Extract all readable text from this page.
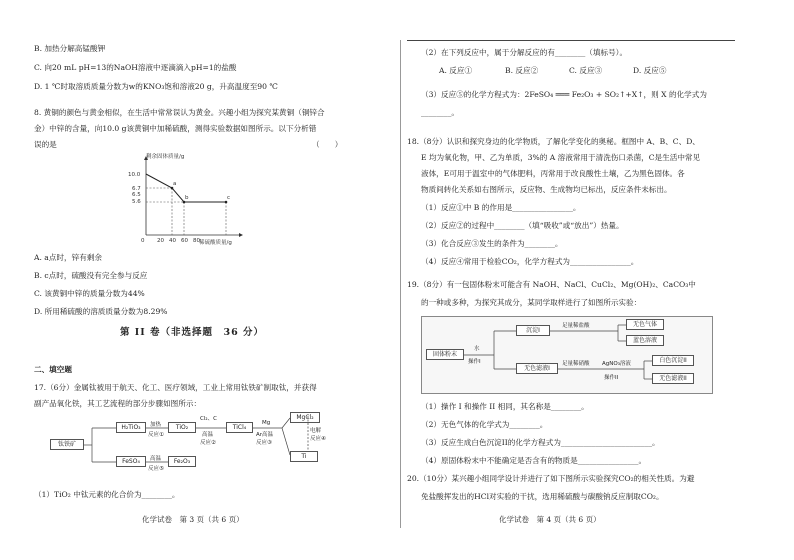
B. 加热分解高锰酸钾
C. 向20 mL pH=13的NaOH溶液中逐滴滴入pH=1的盐酸
D. 1 ℃时取溶质质量分数为w的KNO₃饱和溶液20 g，升高温度至90 ℃
8. 黄铜的颜色与黄金相似，在生活中常常误认为黄金。兴趣小组为探究某黄铜（铜锌合
金）中锌的含量，向10.0 g该黄铜中加稀硫酸，测得实验数据如图所示。以下分析错
误的是	（　　）
剩余固体质量/g
稀硫酸质量/g
10.0
6.7
6.5
5.6
0 20 40 60 80
a
b	c
A. a点时，锌有剩余
B. c点时，硫酸没有完全参与反应
C. 该黄铜中锌的质量分数为44%
D. 所用稀硫酸的溶质质量分数为8.29%
第 II 卷（非选择题　36 分）
二、填空题
17.（6分）金属钛被用于航天、化工、医疗领域，工业上常用钛铁矿制取钛，并获得
副产品氧化铁，其工艺流程的部分步骤如图所示：
钛铁矿
H₂TiO₃	TiO₂	TiCl₄
MgCl₂
Ti
FeSO₄	Fe₂O₃
加热
反应①
Cl₂、C
高温
反应②
Mg
Ar高温
反应③
电解
反应④
高温
反应⑤
（1）TiO₂ 中钛元素的化合价为________。
化学试卷　第 3 页（共 6 页）
（2）在下列反应中，属于分解反应的有________（填标号）。
A. 反应①	B. 反应②	C. 反应③	D. 反应⑤
（3）反应⑤的化学方程式为：2FeSO₄ ═══ Fe₂O₃ + SO₂↑+X↑，则 X 的化学式为
________。
18.（8分）认识和探究身边的化学物质，了解化学变化的奥秘。框图中 A、B、C、D、
E 均为氧化物，甲、乙为单质，3%的 A 溶液常用于清洗伤口杀菌，C是生活中常见
液体，E可用于温室中的气体肥料，丙常用于改良酸性土壤，乙为黑色固体。各
物质间转化关系如右图所示，反应物、生成物均已标出，反应条件未标出。
（1）反应①中 B 的作用是________________。
（2）反应②的过程中________（填“吸收”或“放出”）热量。
（3）化合反应③发生的条件为________。
（4）反应④常用于检验CO₂，化学方程式为________________。
19.（8分）有一包固体粉末可能含有 NaOH、NaCl、CuCl₂、Mg(OH)₂、CaCO₃中
的一种或多种，为探究其成分，某同学取样进行了如图所示实验：
固体粉末
水
操作I
沉淀I
足量稀盐酸	无色气体
蓝色溶液
无色滤液I
足量稀硝酸 AgNO₃溶液
操作II
白色沉淀II
无色滤液II
（1）操作 I 和操作 II 相同，其名称是________。
（2）无色气体的化学式为________。
（3）反应生成白色沉淀II的化学方程式为________________________。
（4）原固体粉末中不能确定是否含有的物质是________________。
20.（10分）某兴趣小组同学设计并进行了如下图所示实验探究CO₂的相关性质。为避
免盐酸挥发出的HCl对实验的干扰，选用稀硫酸与碳酸钠反应制取CO₂。
化学试卷　第 4 页（共 6 页）
